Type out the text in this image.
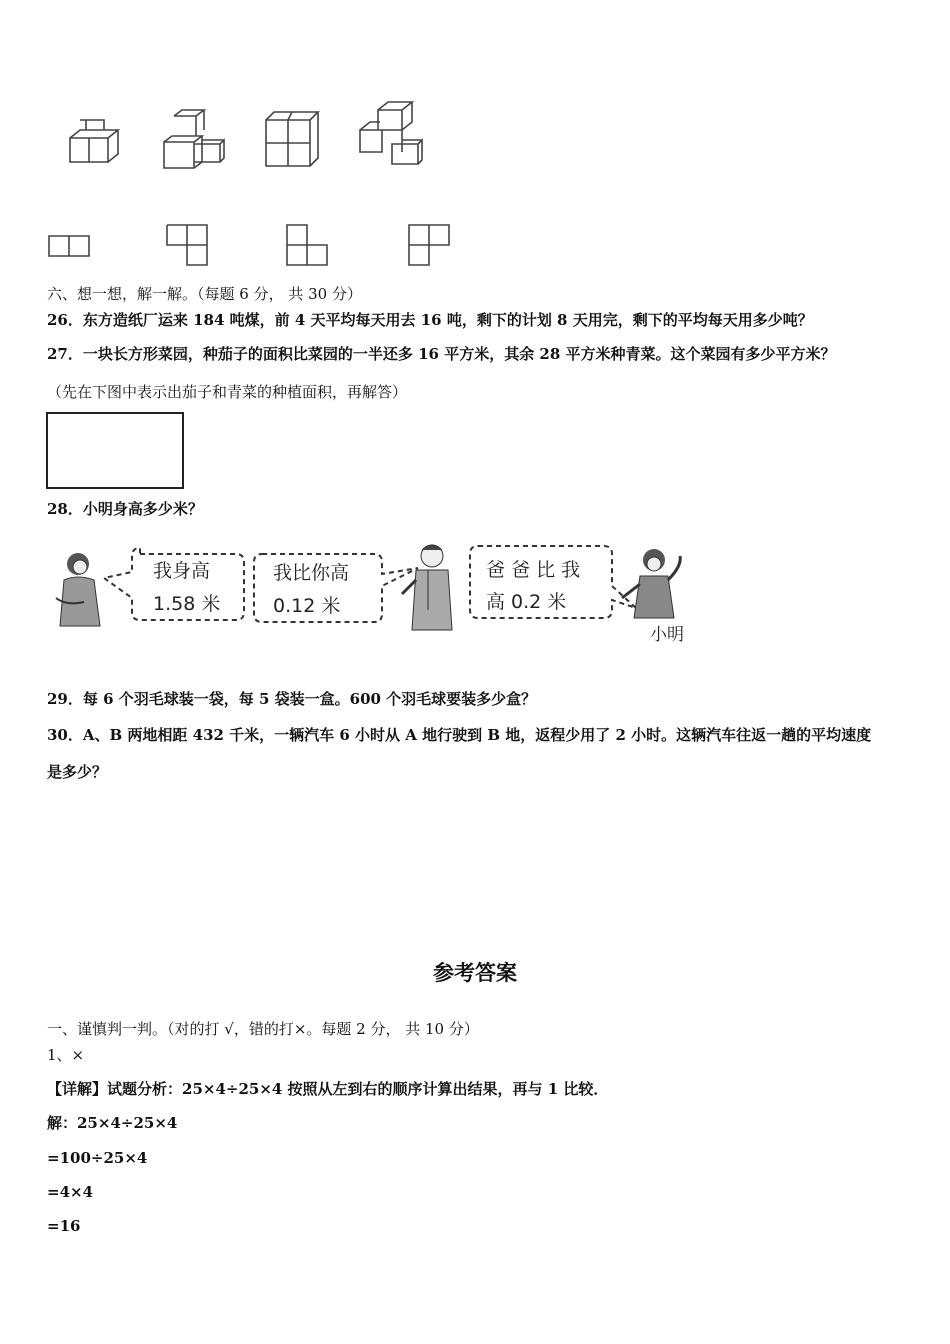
六、想一想，解一解。（每题 6 分， 共 30 分）
26．东方造纸厂运来 184 吨煤，前 4 天平均每天用去 16 吨，剩下的计划 8 天用完，剩下的平均每天用多少吨？
27．一块长方形菜园，种茄子的面积比菜园的一半还多 16 平方米，其余 28 平方米种青菜。这个菜园有多少平方米？
（先在下图中表示出茄子和青菜的种植面积，再解答）
28．小明身高多少米？
我身高
1.58 米
我比你高
0.12 米
爸 爸 比 我
高 0.2 米
小明
29．每 6 个羽毛球装一袋，每 5 袋装一盒。600 个羽毛球要装多少盒？
30．A、B 两地相距 432 千米，一辆汽车 6 小时从 A 地行驶到 B 地，返程少用了 2 小时。这辆汽车往返一趟的平均速度
是多少？
参考答案
一、谨慎判一判。（对的打 √，错的打×。每题 2 分， 共 10 分）
1、×
【详解】试题分析：25×4÷25×4 按照从左到右的顺序计算出结果，再与 1 比较．
解：25×4÷25×4
=100÷25×4
=4×4
=16
